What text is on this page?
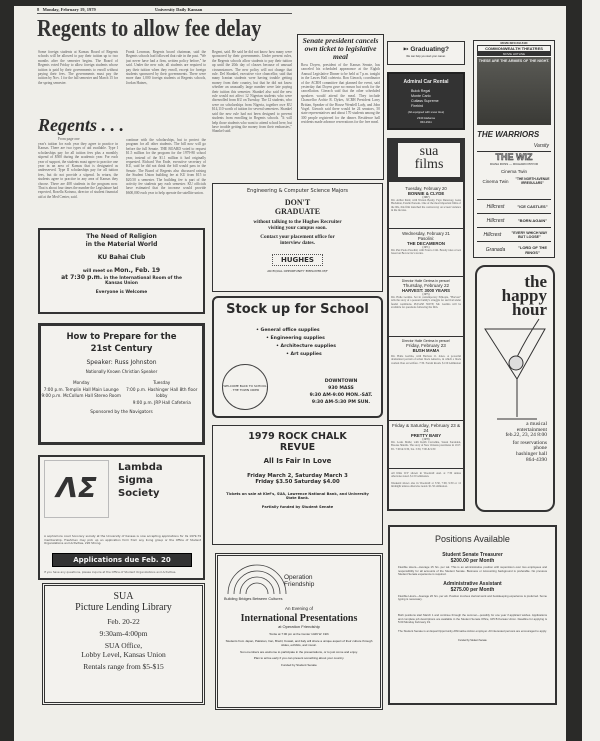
8 Monday, February 19, 1979	University Daily Kansan
Regents to allow fee delay
Some foreign students at Kansas Board of Regents schools will be allowed to pay their tuition up to two months after the semester begins. The Board of Regents voted Friday to allow foreign students whose tuition is paid by their governments to enroll without paying their fees. The governments must pay the tuition by Nov. 1 for the fall semester and March 15 for the spring semester.
Frank Lowman, Regents board chairman, said the Regents schools had followed that rule in the past. "We just never have had a firm, written policy before," he said. Under the new rule, all students are required to pay their tuition when they enroll, except for foreign students sponsored by their governments. There were more than 1,000 foreign students at Regents schools, Jordan Haines,
Regent, said. He said he did not know how many were sponsored by their governments. Under present rules, the Regents schools allow students to pay their tuition up until the 20th day of classes because of unusual circumstances. The new policy will not change that rule. Del Shankel, executive vice chancellor, said that many Iranian students were having trouble getting money from their country, but that he did not know whether an unusually large number were late paying their tuition this semester. Shankel also said the new rule would not affect 12 Nigerian students who were disenrolled from KU on Tuesday. The 12 students, who were on scholarships from Nigeria, together owe KU $14,110 worth of tuition for several semesters. Shankel said the new rule had not been designed to prevent students from enrolling in Regents schools. "It will help those students who want to attend school here, but have trouble getting the money from their embassies," Shankel said.
Regents . . .
From page one
year's tuition for each year they agree to practice in Kansas. There are two types of aid available. Type I scholarships pay for all tuition fees plus a monthly stipend of $500 during the academic year. For each year of support, the students must agree to practice one year in an area of Kansas that is designated as underserved. Type II scholarships pay for all tuition fees, but do not provide a stipend. In return, the students agree to practice in any area of Kansas they choose. There are 408 students in the program now. That is about four times the number the Legislature had expected, Rosella Kotsma, director of student financial aid at the Med Center, said.
continue with the scholarships, but to protect the program for all other students. The bill now will go before the full Senate. THE BOARD voted to request $1.5 million for the program for the 1979-80 school year, instead of the $1.1 million it had originally requested. Richard Von Ende, executive secretary of KU, said he did not think the bill would pass in the Senate. The Board of Regents also discussed raising the Student Union building fee at KU from $15 to $20.50 a semester. The building fee is part of the activity fee students pay each semester. KU officials have estimated that the increase would provide $600,000 each year to help operate the satellite union.
Senate president cancels own ticket to legislative meal
Ross Doyen, president of the Kansas Senate, has canceled his scheduled appearance at the Eighth Annual Legislative Dinner to be held at 7 p.m. tonight in the Lawes Hall cafeteria. Ron Gierach, coordinator of the ACRH committee that planned the event, said yesterday that Doyen gave no reason but work for the cancellation. Gierach said that the other scheduled speakers would attend the meal. They include Chancellor Archie R. Dykes, ACRH President Larry Brittan, Speaker of the House Wendell Lady, and John Vogel. Gierach said there would be 24 senators, 50 state representatives and about 170 students among the 300 people registered for the dinner. Residence hall residents made advance reservations for the free meal.
Engineering & Computer Science Majors
DON'T
GRADUATE
without talking to the Hughes Recruiter visiting your campus soon.
Contact your placement office for interview dates.
HUGHES
AN EQUAL OPPORTUNITY EMPLOYER M/F
Stock up for School
• General office supplies
• Engineering supplies
• Architecture supplies
• Art supplies
WELCOME BACK TO SCHOOL · THE TOWN CRIER
DOWNTOWN
930 MASS
9:30 AM-9:00 MON.-SAT.
9:30 AM-5:30 PM SUN.
1979 ROCK CHALK
REVUE
All Is Fair In Love
Friday March 2, Saturday March 3
Friday $3.50 Saturday $4.00
Tickets on sale at Kief's, SUA, Lawrence National Bank, and University State Bank.
Partially funded by Student Senate
Operation
Friendship
Building Bridges Between Cultures
An Evening of
International Presentations
at Operation Friendship
Tonite at 7:00 pm at the Center 1429 W. 19th
Students from Japan, Pakistan, Iran, Brazil, Kuwait, and Italy will share a unique aspect of their culture through slides, exhibits, and music.
Non-members are welcome to participate in the presentations, or to just come and enjoy.
Plan to arrive early if you can present something about your country.
Funded by Student Senate
The Need of Religion
in the Material World
KU Bahai Club
will meet on Mon., Feb. 19
at 7:30 p.m. in the International Room of the Kansas Union
Everyone is Welcome
How to Prepare for the
21st Century
Speaker: Russ Johnston
Nationally Known Christian Speaker
Monday
7:00 p.m. Templin Hall Main Lounge
9:00 p.m. McCollum Hall Stereo Room
Tuesday
7:00 p.m. Hashinger Hall 8th floor lobby
9:00 p.m. JRP Hall Cafeteria
Sponsored by the Navigators
ΛΣ
Lambda
Sigma
Society
A sophomore coed honorary society at the University of Kansas is now accepting applications for its 1979-79 membership. Freshmen may pick up an application form from any living group or the Office of Student Organizations and Activities, 220 Strong.
Applications due Feb. 20
If you have any questions, please inquire at the Office of Student Organizations and Activities.
SUA
Picture Lending Library
Feb. 20-22
9:30am-4:00pm
SUA Office,
Lobby Level, Kansas Union
Rentals range from $5-$15
➳ Graduating?
We can help you start your career.
Admiral Car Rental
Buick Regal
Monte Carlo
Cutlass Supreme
Firebird
(All equipped with snow tires)
2340 Alabama
843-2911
sua
films
Tuesday, February 20
BONNIE & CLYDE
(1967)
Dir. Arthur Penn; with Warren Beatty, Faye Dunaway, Gene Hackman, Estelle Parsons. One of the most important films of the 60s, this film launched the controversy on screen violence in the movies.
Wednesday, February 21
Pasolini:
THE DECAMERON
(1971)
Dir. Pier Paolo Pasolini; with Franco Citti. Bawdy tales of sex based on Boccaccio's stories.
Director Haile Gerima in person!
Thursday, February 22
HARVEST: 3000 YEARS
(1975)
Dir. Haile Gerima. Set in contemporary Ethiopia, "Harvest" tells the story of a peasant family's struggle for survival under feudal conditions. PLEASE NOTE: Mr. Gerima will be available for questions following the film.
Director Haile Gerima in person!
Friday, February 23
BUSH MAMA
Dir. Haile Gerima, with Barbara O. Jones. A powerful dramatized portrait of urban black America, in which a black woman lives on welfare. 7:30. Forum Room. $1.50 Admission
Friday & Saturday, February 23 & 24
PRETTY BABY
(1978)
Dir. Louis Malle; with Keith Carradine, Susan Sarandon, Brooke Shields. The story of New Orleans prostitutes in 1917. Fri. 7:00 & 9:30, Sat. 3:30, 7:00 & 9:30
All films W-F shown in Woodruff Aud. at 7:30 unless otherwise noted. $1.50 admission.
Weekend shows also in Woodruff at 3:30, 7:00, 9:30 or 12 midnight unless otherwise noted. $1.50 admission.
MOVIE INFO 843-5420
COMMONWEALTH THEATRES
MOVIE HOTLINE
THESE ARE THE ARMIES OF THE NIGHT.
THE WARRIORS
Varsity
THE WIZ
DIANA ROSS — RICHARD PRYOR
Cinema Twin
Cinema Twin	"THE NORTH AVENUE IRREGULARS"
Hillcrest	"ICE CASTLES"
Hillcrest	"BORN AGAIN"
Hillcrest	"EVERY WHICH WAY BUT LOOSE"
Granada	"LORD OF THE RINGS"
the
happy
hour
a musical
entertainment
feb.22, 23, 24 8:00
for reservations
phone
hashinger hall
864-4390
Positions Available
Student Senate Treasurer
$200.00 per Month
Flexible Hours—Average 15 hrs. per wk. This is an administrative position with supervision over two employees and responsibility for all accounts of the Student Senate. Business or Accounting background is preferable. No previous Student Senate experience is required.
Administrative Assistant
$275.00 per Month
Flexible Hours—Average 20 hrs. per wk. Position involves clerical work and bookkeeping experience is preferred. Some typing is necessary.
Both positions start March 1 and continue through the summer—possibly for one year if applicant wishes. Applications and complete job descriptions are available in the Student Senate Office, 105 B Kansas Union. Deadline for applying is 5:00 Monday February 19.
The Student Senate is an Equal Opportunity Affirmative Action employer. All interested persons are encouraged to apply.
Funded by Student Senate
